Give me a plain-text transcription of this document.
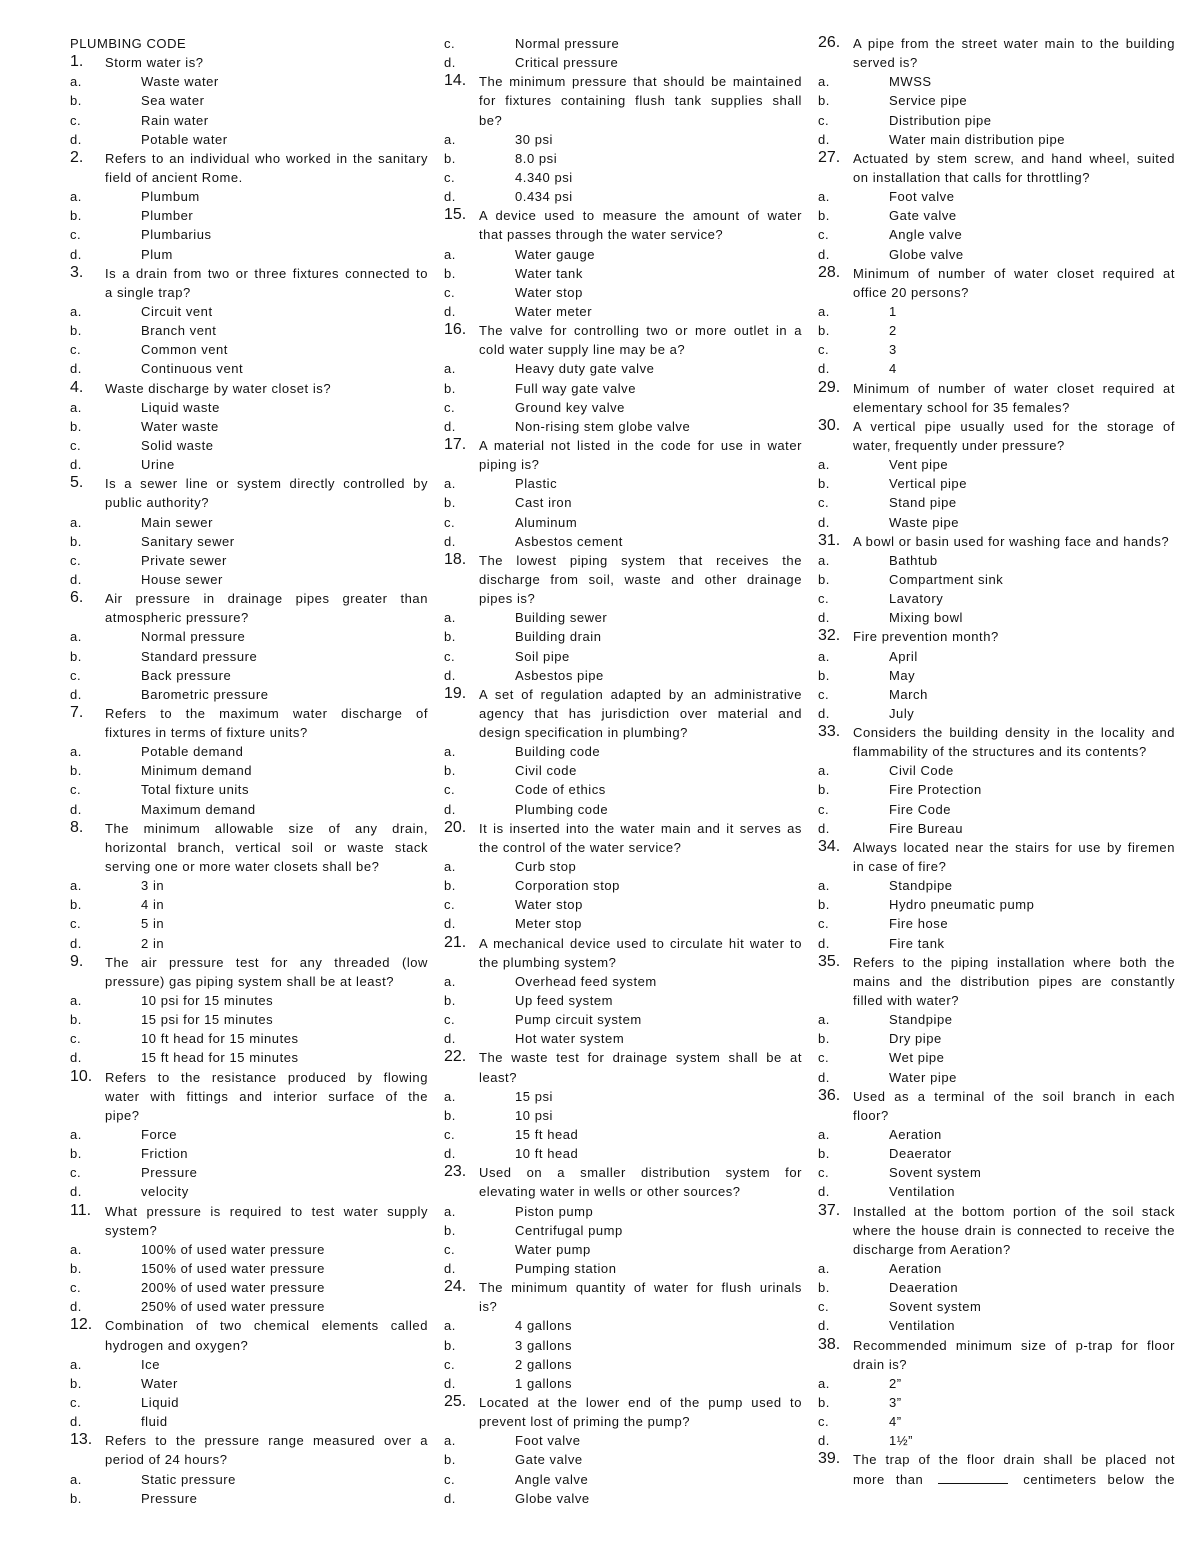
PLUMBING CODE
1. Storm water is?
a.	Waste water
b.	Sea water
c.	Rain water
d.	Potable water
2. Refers to an individual who worked in the sanitary
field of ancient Rome.
a.	Plumbum
b.	Plumber
c.	Plumbarius
d.	Plum
3. Is a drain from two or three fixtures connected to
a single trap?
a.	Circuit vent
b.	Branch vent
c.	Common vent
d.	Continuous vent
4. Waste discharge by water closet is?
a.	Liquid waste
b.	Water waste
c.	Solid waste
d.	Urine
5. Is a sewer line or system directly controlled by
public authority?
a.	Main sewer
b.	Sanitary sewer
c.	Private sewer
d.	House sewer
6. Air pressure in drainage pipes greater than
atmospheric pressure?
a.	Normal pressure
b.	Standard pressure
c.	Back pressure
d.	Barometric pressure
7. Refers to the maximum water discharge of
fixtures in terms of fixture units?
a.	Potable demand
b.	Minimum demand
c.	Total fixture units
d.	Maximum demand
8. The minimum allowable size of any drain,
horizontal branch, vertical soil or waste stack
serving one or more water closets shall be?
a.	3 in
b.	4 in
c.	5 in
d.	2 in
9. The air pressure test for any threaded (low
pressure) gas piping system shall be at least?
a.	10 psi for 15 minutes
b.	15 psi for 15 minutes
c.	10 ft head for 15 minutes
d.	15 ft head for 15 minutes
10. Refers to the resistance produced by flowing
water with fittings and interior surface of the
pipe?
a.	Force
b.	Friction
c.	Pressure
d.	velocity
11. What pressure is required to test water supply
system?
a.	100% of used water pressure
b.	150% of used water pressure
c.	200% of used water pressure
d.	250% of used water pressure
12. Combination of two chemical elements called
hydrogen and oxygen?
a.	Ice
b.	Water
c.	Liquid
d.	fluid
13. Refers to the pressure range measured over a
period of 24 hours?
a.	Static pressure
b.	Pressure
c.	Normal pressure
d.	Critical pressure
14. The minimum pressure that should be maintained
for fixtures containing flush tank supplies shall
be?
a.	30 psi
b.	8.0 psi
c.	4.340 psi
d.	0.434 psi
15. A device used to measure the amount of water
that passes through the water service?
a.	Water gauge
b.	Water tank
c.	Water stop
d.	Water meter
16. The valve for controlling two or more outlet in a
cold water supply line may be a?
a.	Heavy duty gate valve
b.	Full way gate valve
c.	Ground key valve
d.	Non-rising stem globe valve
17. A material not listed in the code for use in water
piping is?
a.	Plastic
b.	Cast iron
c.	Aluminum
d.	Asbestos cement
18. The lowest piping system that receives the
discharge from soil, waste and other drainage
pipes is?
a.	Building sewer
b.	Building drain
c.	Soil pipe
d.	Asbestos pipe
19. A set of regulation adapted by an administrative
agency that has jurisdiction over material and
design specification in plumbing?
a.	Building code
b.	Civil code
c.	Code of ethics
d.	Plumbing code
20. It is inserted into the water main and it serves as
the control of the water service?
a.	Curb stop
b.	Corporation stop
c.	Water stop
d.	Meter stop
21. A mechanical device used to circulate hit water to
the plumbing system?
a.	Overhead feed system
b.	Up feed system
c.	Pump circuit system
d.	Hot water system
22. The waste test for drainage system shall be at
least?
a.	15 psi
b.	10 psi
c.	15 ft head
d.	10 ft head
23. Used on a smaller distribution system for
elevating water in wells or other sources?
a.	Piston pump
b.	Centrifugal pump
c.	Water pump
d.	Pumping station
24. The minimum quantity of water for flush urinals
is?
a.	4 gallons
b.	3 gallons
c.	2 gallons
d.	1 gallons
25. Located at the lower end of the pump used to
prevent lost of priming the pump?
a.	Foot valve
b.	Gate valve
c.	Angle valve
d.	Globe valve
26. A pipe from the street water main to the building
served is?
a.	MWSS
b.	Service pipe
c.	Distribution pipe
d.	Water main distribution pipe
27. Actuated by stem screw, and hand wheel, suited
on installation that calls for throttling?
a.	Foot valve
b.	Gate valve
c.	Angle valve
d.	Globe valve
28. Minimum of number of water closet required at
office 20 persons?
a.	1
b.	2
c.	3
d.	4
29. Minimum of number of water closet required at
elementary school for 35 females?
30. A vertical pipe usually used for the storage of
water, frequently under pressure?
a.	Vent pipe
b.	Vertical pipe
c.	Stand pipe
d.	Waste pipe
31. A bowl or basin used for washing face and hands?
a.	Bathtub
b.	Compartment sink
c.	Lavatory
d.	Mixing bowl
32. Fire prevention month?
a.	April
b.	May
c.	March
d.	July
33. Considers the building density in the locality and
flammability of the structures and its contents?
a.	Civil Code
b.	Fire Protection
c.	Fire Code
d.	Fire Bureau
34. Always located near the stairs for use by firemen
in case of fire?
a.	Standpipe
b.	Hydro pneumatic pump
c.	Fire hose
d.	Fire tank
35. Refers to the piping installation where both the
mains and the distribution pipes are constantly
filled with water?
a.	Standpipe
b.	Dry pipe
c.	Wet pipe
d.	Water pipe
36. Used as a terminal of the soil branch in each
floor?
a.	Aeration
b.	Deaerator
c.	Sovent system
d.	Ventilation
37. Installed at the bottom portion of the soil stack
where the house drain is connected to receive the
discharge from Aeration?
a.	Aeration
b.	Deaeration
c.	Sovent system
d.	Ventilation
38. Recommended minimum size of p-trap for floor
drain is?
a.	2”
b.	3”
c.	4”
d.	1½”
39. The trap of the floor drain shall be placed not
more than	centimeters below the
